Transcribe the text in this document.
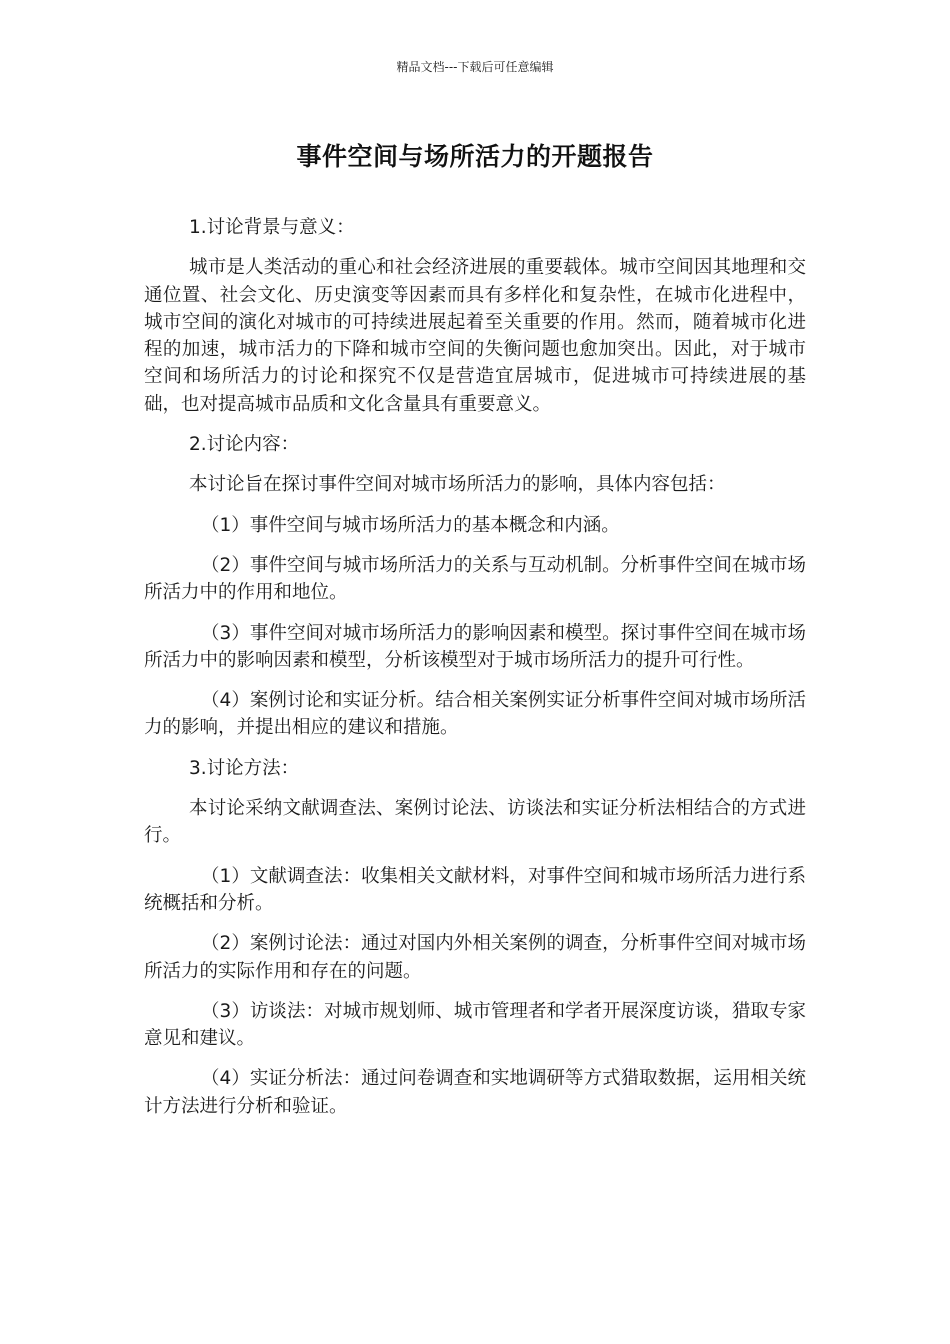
精品文档---下载后可任意编辑
事件空间与场所活力的开题报告

1.讨论背景与意义：

城市是人类活动的重心和社会经济进展的重要载体。城市空间因其地理和交通位置、社会文化、历史演变等因素而具有多样化和复杂性，在城市化进程中，城市空间的演化对城市的可持续进展起着至关重要的作用。然而，随着城市化进程的加速，城市活力的下降和城市空间的失衡问题也愈加突出。因此，对于城市空间和场所活力的讨论和探究不仅是营造宜居城市，促进城市可持续进展的基础，也对提高城市品质和文化含量具有重要意义。

2.讨论内容：

本讨论旨在探讨事件空间对城市场所活力的影响，具体内容包括：

（1）事件空间与城市场所活力的基本概念和内涵。

（2）事件空间与城市场所活力的关系与互动机制。分析事件空间在城市场所活力中的作用和地位。

（3）事件空间对城市场所活力的影响因素和模型。探讨事件空间在城市场所活力中的影响因素和模型，分析该模型对于城市场所活力的提升可行性。

（4）案例讨论和实证分析。结合相关案例实证分析事件空间对城市场所活力的影响，并提出相应的建议和措施。

3.讨论方法：

本讨论采纳文献调查法、案例讨论法、访谈法和实证分析法相结合的方式进行。

（1）文献调查法：收集相关文献材料，对事件空间和城市场所活力进行系统概括和分析。

（2）案例讨论法：通过对国内外相关案例的调查，分析事件空间对城市场所活力的实际作用和存在的问题。

（3）访谈法：对城市规划师、城市管理者和学者开展深度访谈，猎取专家意见和建议。

（4）实证分析法：通过问卷调查和实地调研等方式猎取数据，运用相关统计方法进行分析和验证。
